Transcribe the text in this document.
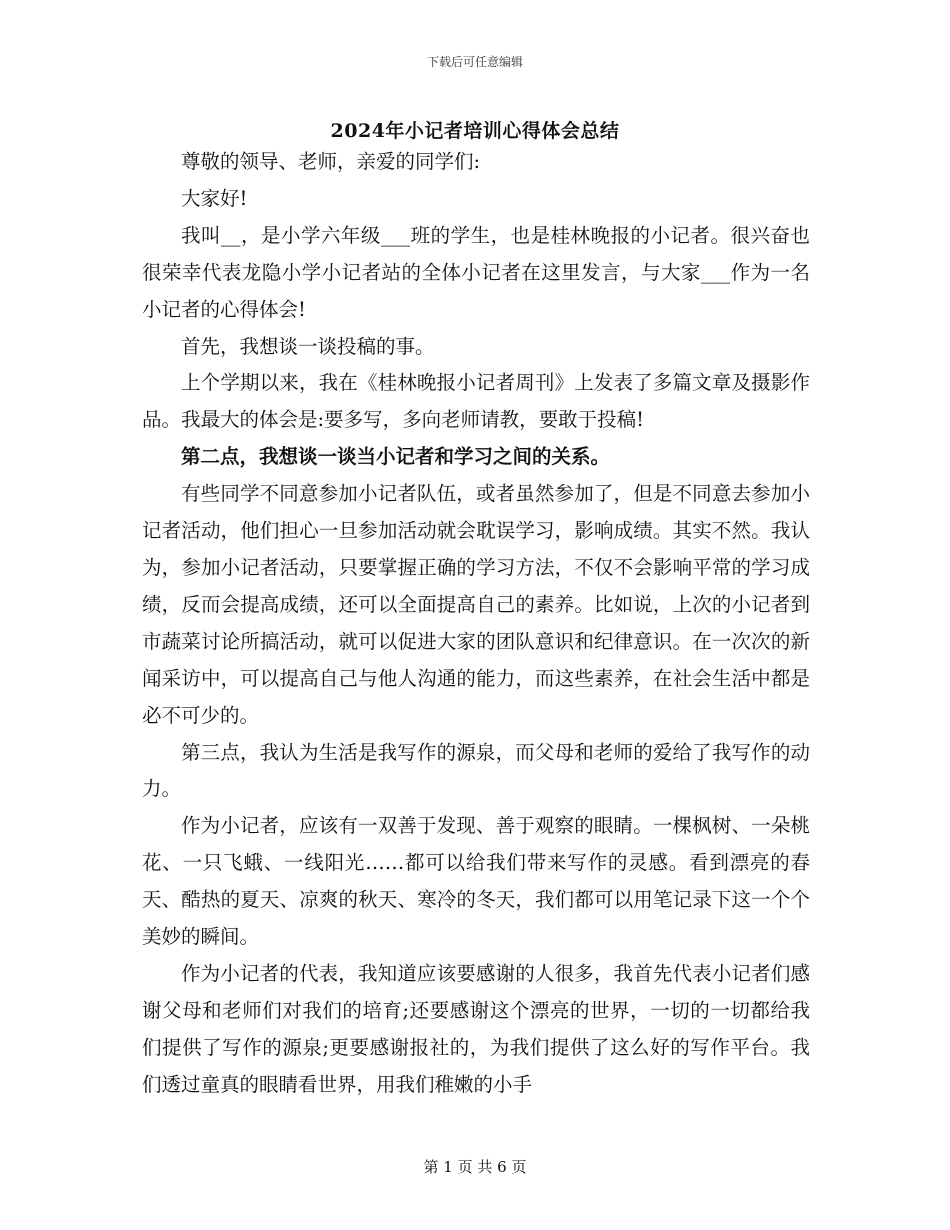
下载后可任意编辑
2024年小记者培训心得体会总结

尊敬的领导、老师，亲爱的同学们:

大家好!

我叫__，是小学六年级___班的学生，也是桂林晚报的小记者。很兴奋也很荣幸代表龙隐小学小记者站的全体小记者在这里发言，与大家___作为一名小记者的心得体会!

首先，我想谈一谈投稿的事。

上个学期以来，我在《桂林晚报小记者周刊》上发表了多篇文章及摄影作品。我最大的体会是:要多写，多向老师请教，要敢于投稿!

第二点，我想谈一谈当小记者和学习之间的关系。

有些同学不同意参加小记者队伍，或者虽然参加了，但是不同意去参加小记者活动，他们担心一旦参加活动就会耽误学习，影响成绩。其实不然。我认为，参加小记者活动，只要掌握正确的学习方法，不仅不会影响平常的学习成绩，反而会提高成绩，还可以全面提高自己的素养。比如说，上次的小记者到市蔬菜讨论所搞活动，就可以促进大家的团队意识和纪律意识。在一次次的新闻采访中，可以提高自己与他人沟通的能力，而这些素养，在社会生活中都是必不可少的。

第三点，我认为生活是我写作的源泉，而父母和老师的爱给了我写作的动力。

作为小记者，应该有一双善于发现、善于观察的眼睛。一棵枫树、一朵桃花、一只飞蛾、一线阳光……都可以给我们带来写作的灵感。看到漂亮的春天、酷热的夏天、凉爽的秋天、寒冷的冬天，我们都可以用笔记录下这一个个美妙的瞬间。

作为小记者的代表，我知道应该要感谢的人很多，我首先代表小记者们感谢父母和老师们对我们的培育;还要感谢这个漂亮的世界，一切的一切都给我们提供了写作的源泉;更要感谢报社的，为我们提供了这么好的写作平台。我们透过童真的眼睛看世界，用我们稚嫩的小手

第 1 页 共 6 页
